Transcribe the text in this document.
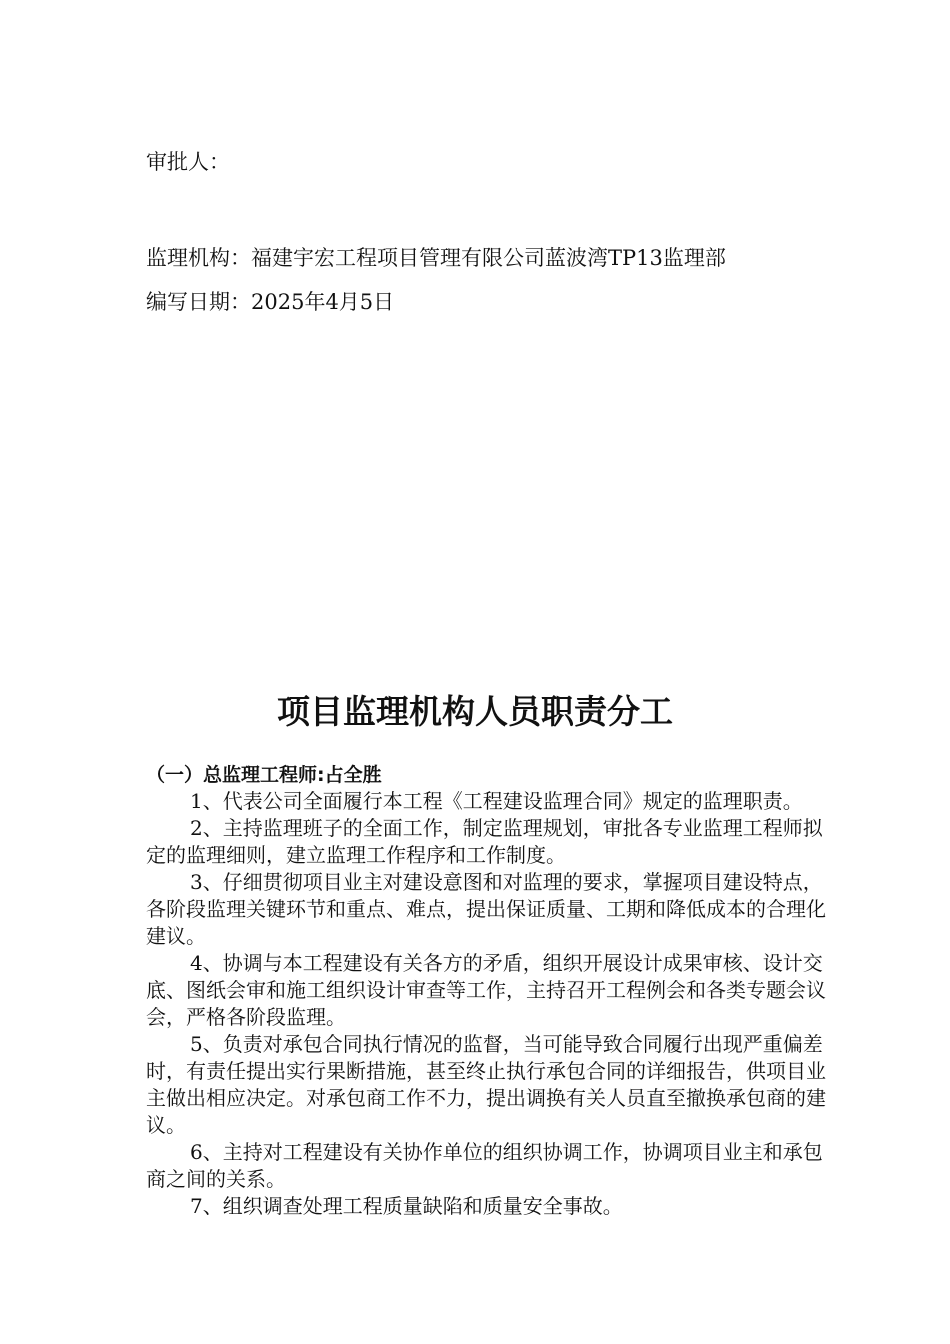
审批人：
监理机构：福建宇宏工程项目管理有限公司蓝波湾TP13监理部
编写日期：2025年4月5日
项目监理机构人员职责分工
（一）总监理工程师:占全胜

1、代表公司全面履行本工程《工程建设监理合同》规定的监理职责。

2、主持监理班子的全面工作，制定监理规划，审批各专业监理工程师拟定的监理细则，建立监理工作程序和工作制度。

3、仔细贯彻项目业主对建设意图和对监理的要求，掌握项目建设特点，各阶段监理关键环节和重点、难点，提出保证质量、工期和降低成本的合理化建议。

4、协调与本工程建设有关各方的矛盾，组织开展设计成果审核、设计交底、图纸会审和施工组织设计审查等工作，主持召开工程例会和各类专题会议会，严格各阶段监理。

5、负责对承包合同执行情况的监督，当可能导致合同履行出现严重偏差时，有责任提出实行果断措施，甚至终止执行承包合同的详细报告，供项目业主做出相应决定。对承包商工作不力，提出调换有关人员直至撤换承包商的建议。

6、主持对工程建设有关协作单位的组织协调工作，协调项目业主和承包商之间的关系。

7、组织调查处理工程质量缺陷和质量安全事故。
